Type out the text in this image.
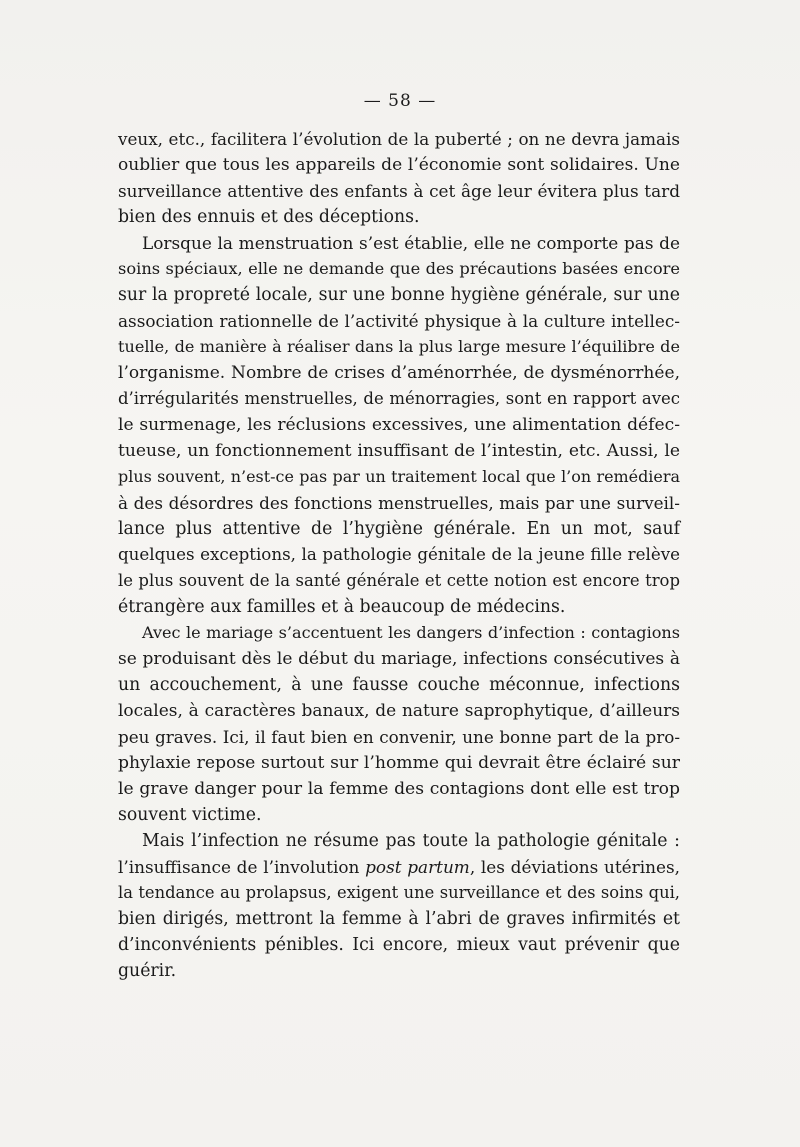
— 58 —
veux, etc., facilitera l’évolution de la puberté ; on ne devra jamais
oublier que tous les appareils de l’économie sont solidaires. Une
surveillance attentive des enfants à cet âge leur évitera plus tard
bien des ennuis et des déceptions.
Lorsque la menstruation s’est établie, elle ne comporte pas de
soins spéciaux, elle ne demande que des précautions basées encore
sur la propreté locale, sur une bonne hygiène générale, sur une
association rationnelle de l’activité physique à la culture intellec-
tuelle, de manière à réaliser dans la plus large mesure l’équilibre de
l’organisme. Nombre de crises d’aménorrhée, de dysménorrhée,
d’irrégularités menstruelles, de ménorragies, sont en rapport avec
le surmenage, les réclusions excessives, une alimentation défec-
tueuse, un fonctionnement insuffisant de l’intestin, etc. Aussi, le
plus souvent, n’est-ce pas par un traitement local que l’on remédiera
à des désordres des fonctions menstruelles, mais par une surveil-
lance plus attentive de l’hygiène générale. En un mot, sauf
quelques exceptions, la pathologie génitale de la jeune fille relève
le plus souvent de la santé générale et cette notion est encore trop
étrangère aux familles et à beaucoup de médecins.
Avec le mariage s’accentuent les dangers d’infection : contagions
se produisant dès le début du mariage, infections consécutives à
un accouchement, à une fausse couche méconnue, infections
locales, à caractères banaux, de nature saprophytique, d’ailleurs
peu graves. Ici, il faut bien en convenir, une bonne part de la pro-
phylaxie repose surtout sur l’homme qui devrait être éclairé sur
le grave danger pour la femme des contagions dont elle est trop
souvent victime.
Mais l’infection ne résume pas toute la pathologie génitale :
l’insuffisance de l’involution post partum, les déviations utérines,
la tendance au prolapsus, exigent une surveillance et des soins qui,
bien dirigés, mettront la femme à l’abri de graves infirmités et
d’inconvénients pénibles. Ici encore, mieux vaut prévenir que
guérir.
